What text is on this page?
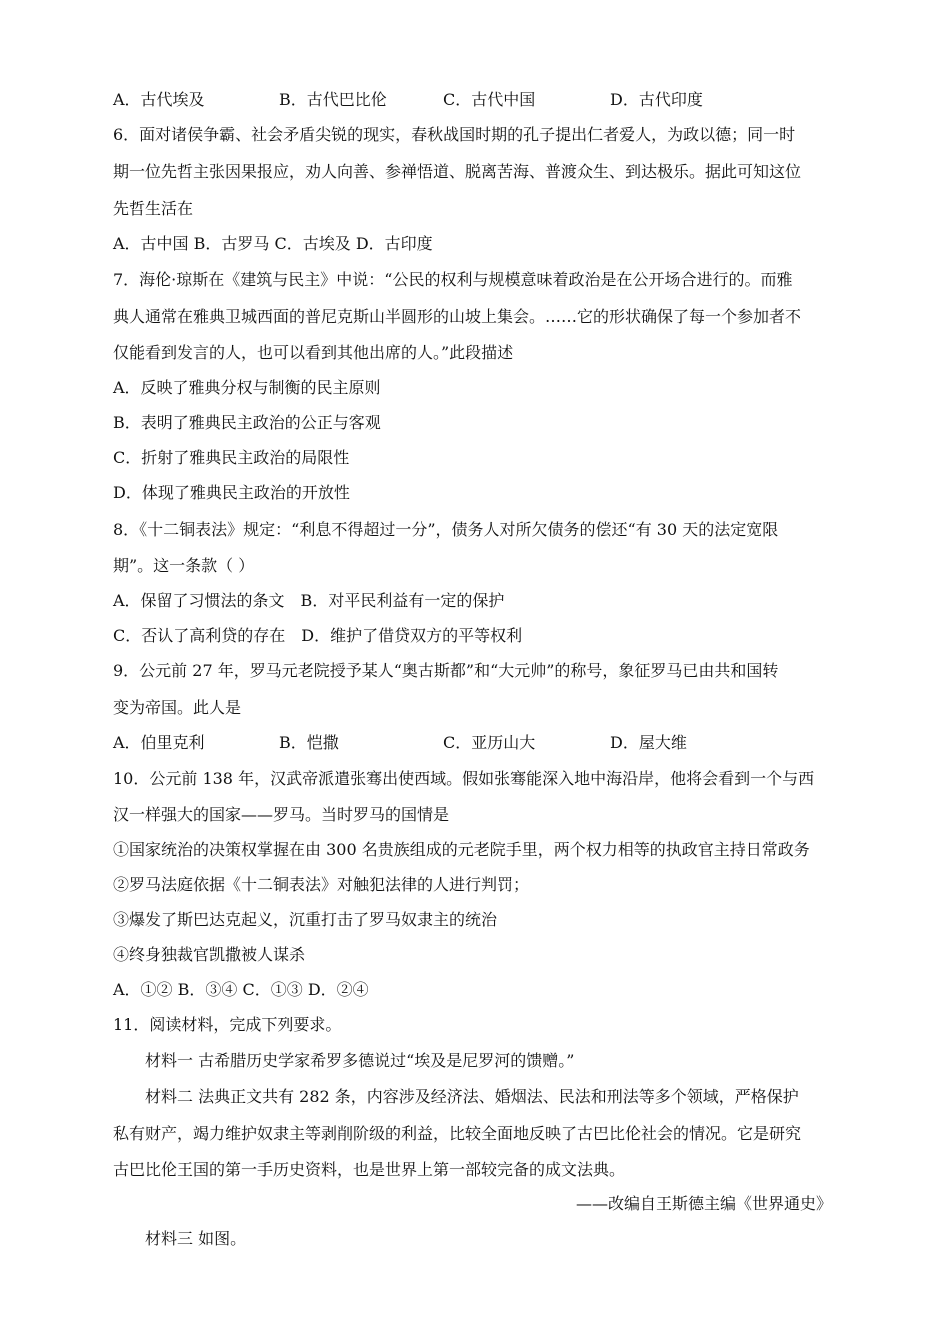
A．古代埃及	B．古代巴比伦	C．古代中国	D．古代印度
6．面对诸侯争霸、社会矛盾尖锐的现实，春秋战国时期的孔子提出仁者爱人，为政以德；同一时
期一位先哲主张因果报应，劝人向善、参禅悟道、脱离苦海、普渡众生、到达极乐。据此可知这位
先哲生活在
A．古中国 B．古罗马 C．古埃及 D．古印度
7．海伦·琼斯在《建筑与民主》中说：“公民的权利与规模意味着政治是在公开场合进行的。而雅
典人通常在雅典卫城西面的普尼克斯山半圆形的山坡上集会。……它的形状确保了每一个参加者不
仅能看到发言的人，也可以看到其他出席的人。”此段描述
A．反映了雅典分权与制衡的民主原则
B．表明了雅典民主政治的公正与客观
C．折射了雅典民主政治的局限性
D．体现了雅典民主政治的开放性
8．《十二铜表法》规定：“利息不得超过一分”，债务人对所欠债务的偿还“有 30 天的法定宽限
期”。这一条款（ ）
A．保留了习惯法的条文　B．对平民利益有一定的保护
C．否认了高利贷的存在　D．维护了借贷双方的平等权利
9．公元前 27 年，罗马元老院授予某人“奥古斯都”和“大元帅”的称号，象征罗马已由共和国转
变为帝国。此人是
A．伯里克利	B．恺撒	C．亚历山大	D．屋大维
10．公元前 138 年，汉武帝派遣张骞出使西域。假如张骞能深入地中海沿岸，他将会看到一个与西
汉一样强大的国家——罗马。当时罗马的国情是
①国家统治的决策权掌握在由 300 名贵族组成的元老院手里，两个权力相等的执政官主持日常政务
②罗马法庭依据《十二铜表法》对触犯法律的人进行判罚；
③爆发了斯巴达克起义，沉重打击了罗马奴隶主的统治
④终身独裁官凯撒被人谋杀
A．①② B．③④ C．①③ D．②④
11．阅读材料，完成下列要求。
材料一 古希腊历史学家希罗多德说过“埃及是尼罗河的馈赠。”
材料二 法典正文共有 282 条，内容涉及经济法、婚烟法、民法和刑法等多个领域，严格保护
私有财产，竭力维护奴隶主等剥削阶级的利益，比较全面地反映了古巴比伦社会的情况。它是研究
古巴比伦王国的第一手历史资料，也是世界上第一部较完备的成文法典。
——改编自王斯德主编《世界通史》
材料三 如图。
